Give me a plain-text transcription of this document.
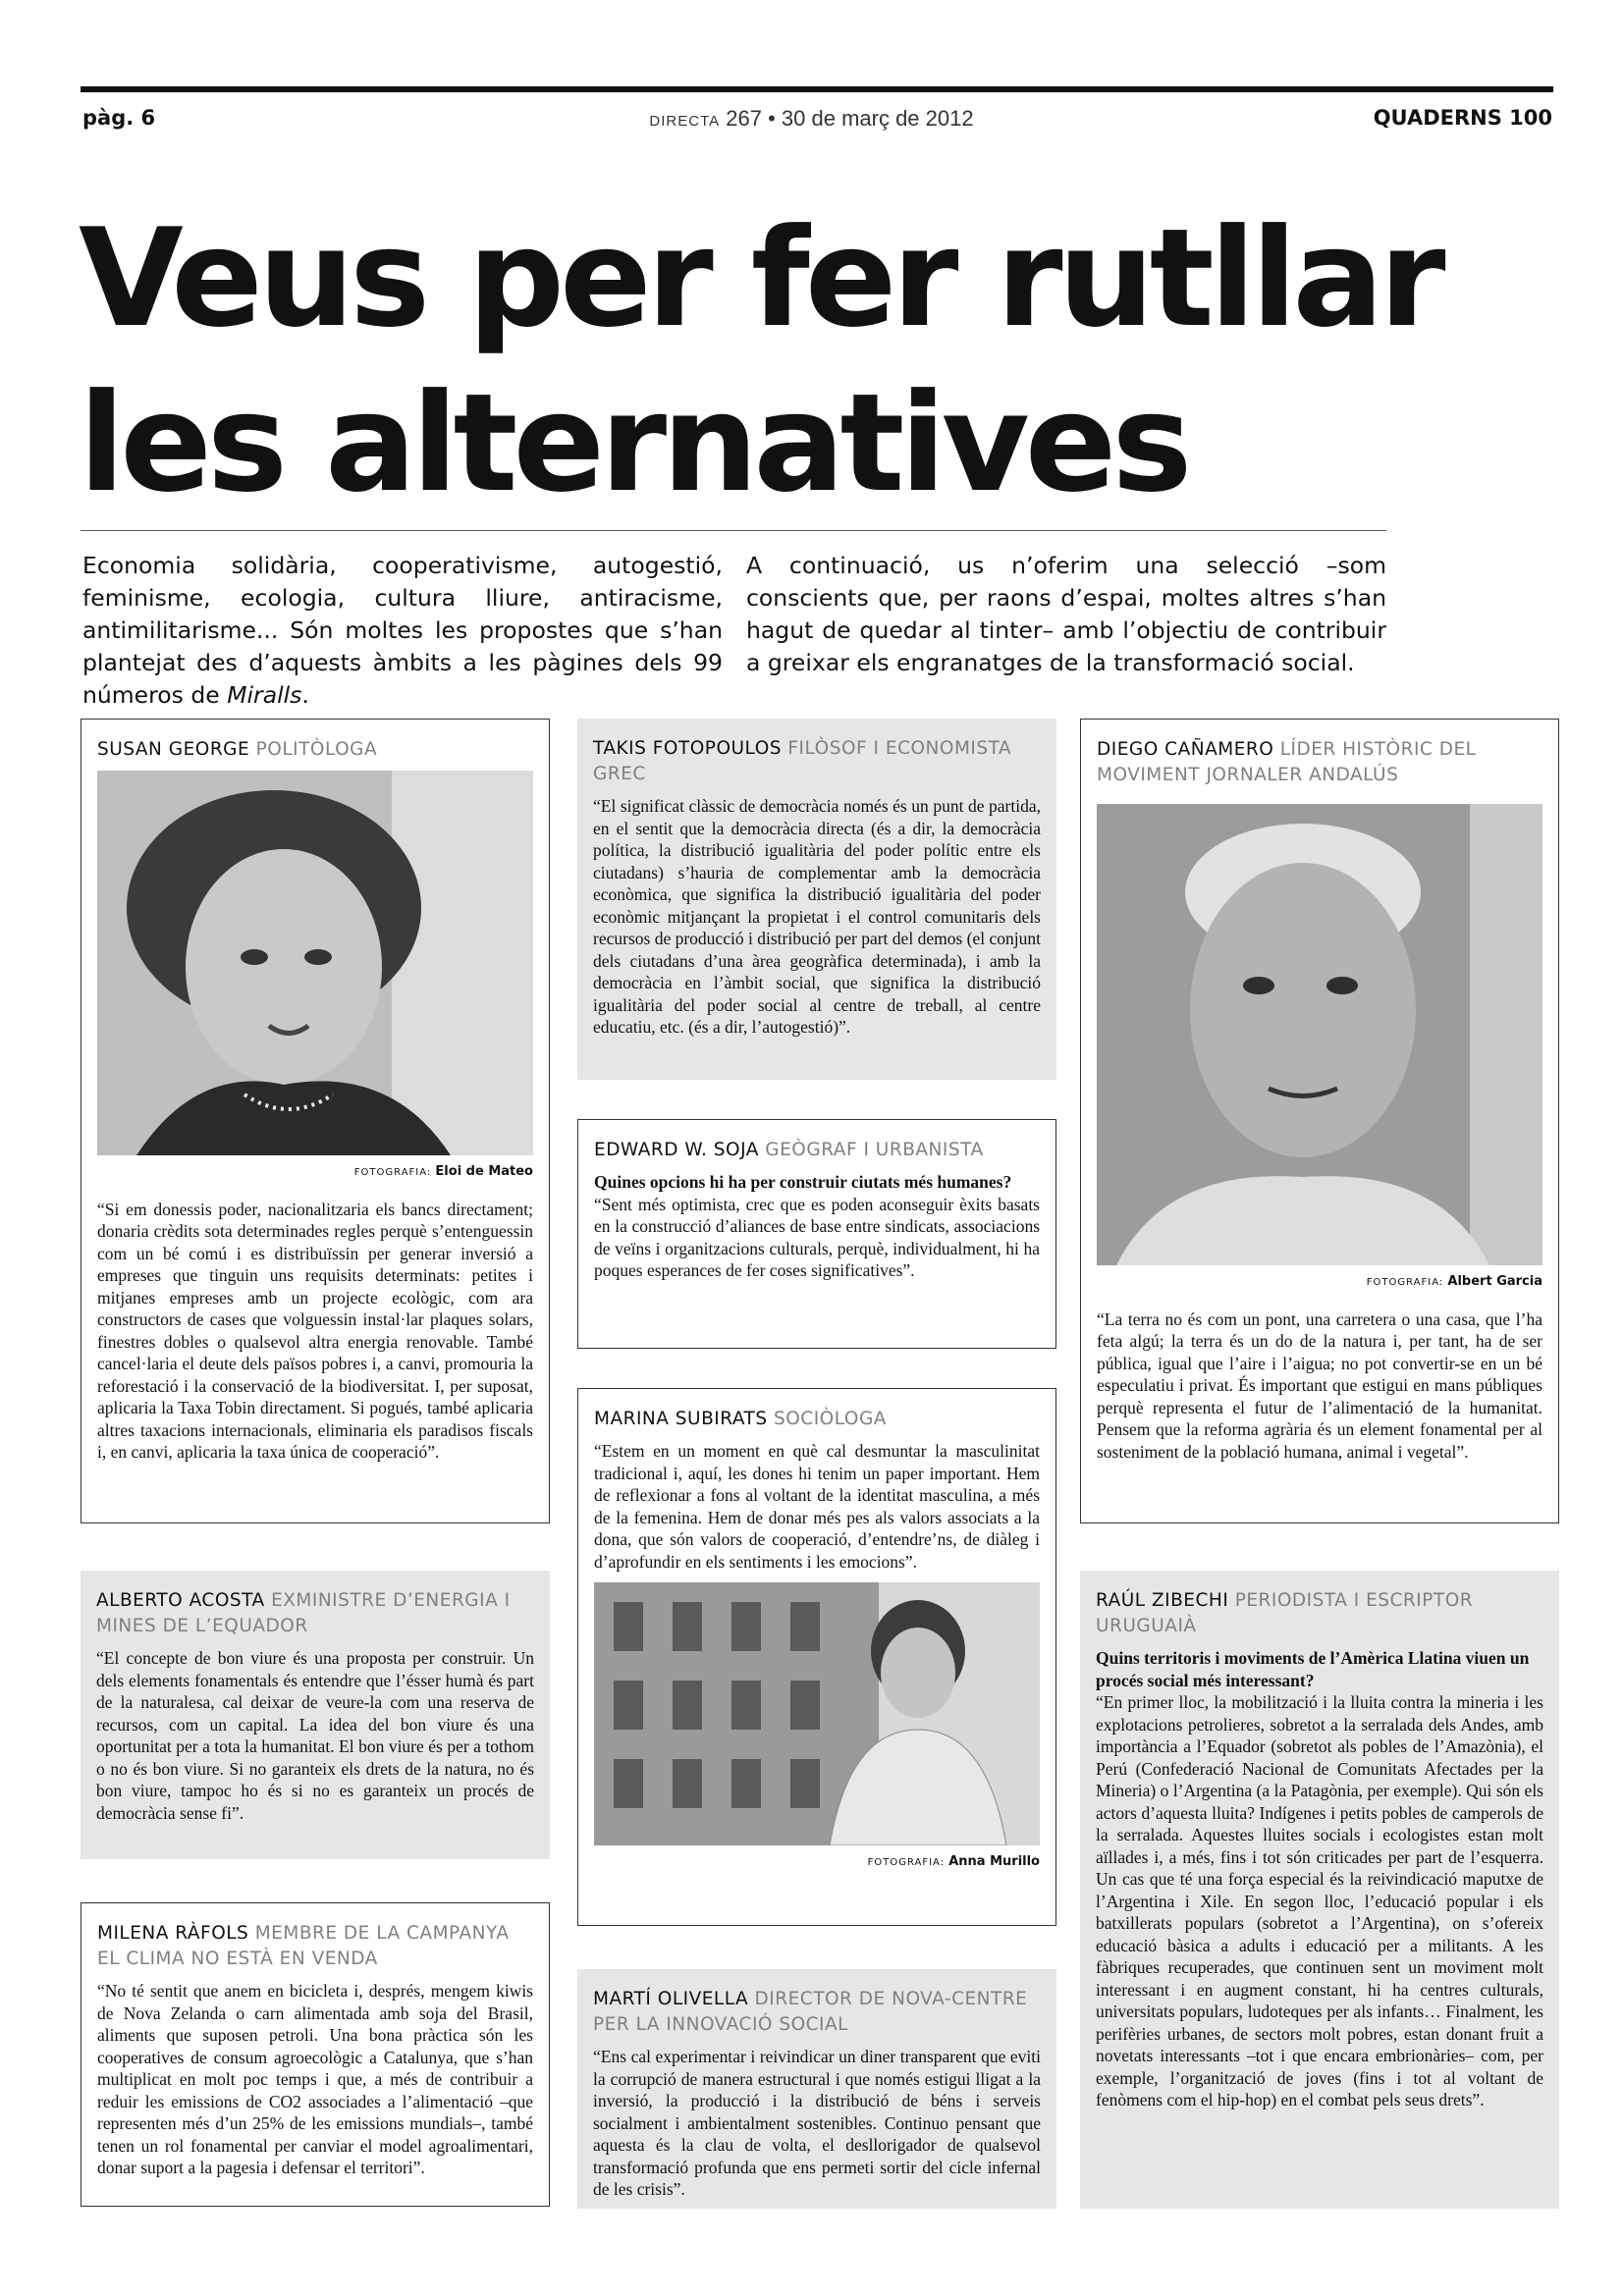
pàg. 6	DIRECTA 267 • 30 de març de 2012	QUADERNS 100
Veus per fer rutllar les alternatives
Economia solidària, cooperativisme, autogestió, feminisme, ecologia, cultura lliure, antiracisme, antimilitarisme... Són moltes les propostes que s’han plantejat des d’aquests àmbits a les pàgines dels 99 números de Miralls.
A continuació, us n’oferim una selecció –som conscients que, per raons d’espai, moltes altres s’han hagut de quedar al tinter– amb l’objectiu de contribuir a greixar els engranatges de la transformació social.
SUSAN GEORGE POLITÒLOGA
FOTOGRAFIA: Eloi de Mateo

“Si em donessis poder, nacionalitzaria els bancs directament; donaria crèdits sota determinades regles perquè s’entenguessin com un bé comú i es distribuïssin per generar inversió a empreses que tinguin uns requisits determinats: petites i mitjanes empreses amb un projecte ecològic, com ara constructors de cases que volguessin instal·lar plaques solars, finestres dobles o qualsevol altra energia renovable. També cancel·laria el deute dels països pobres i, a canvi, promouria la reforestació i la conservació de la biodiversitat. I, per suposat, aplicaria la Taxa Tobin directament. Si pogués, també aplicaria altres taxacions internacionals, eliminaria els paradisos fiscals i, en canvi, aplicaria la taxa única de cooperació”.

ALBERTO ACOSTA EXMINISTRE D’ENERGIA I MINES DE L’EQUADOR

“El concepte de bon viure és una proposta per construir. Un dels elements fonamentals és entendre que l’ésser humà és part de la naturalesa, cal deixar de veure-la com una reserva de recursos, com un capital. La idea del bon viure és una oportunitat per a tota la humanitat. El bon viure és per a tothom o no és bon viure. Si no garanteix els drets de la natura, no és bon viure, tampoc ho és si no es garanteix un procés de democràcia sense fi”.

MILENA RÀFOLS MEMBRE DE LA CAMPANYA EL CLIMA NO ESTÀ EN VENDA

“No té sentit que anem en bicicleta i, després, mengem kiwis de Nova Zelanda o carn alimentada amb soja del Brasil, aliments que suposen petroli. Una bona pràctica són les cooperatives de consum agroecològic a Catalunya, que s’han multiplicat en molt poc temps i que, a més de contribuir a reduir les emissions de CO2 associades a l’alimentació –que representen més d’un 25% de les emissions mundials–, també tenen un rol fonamental per canviar el model agroalimentari, donar suport a la pagesia i defensar el territori”.

TAKIS FOTOPOULOS FILÒSOF I ECONOMISTA GREC

“El significat clàssic de democràcia només és un punt de partida, en el sentit que la democràcia directa (és a dir, la democràcia política, la distribució igualitària del poder polític entre els ciutadans) s’hauria de complementar amb la democràcia econòmica, que significa la distribució igualitària del poder econòmic mitjançant la propietat i el control comunitaris dels recursos de producció i distribució per part del demos (el conjunt dels ciutadans d’una àrea geogràfica determinada), i amb la democràcia en l’àmbit social, que significa la distribució igualitària del poder social al centre de treball, al centre educatiu, etc. (és a dir, l’autogestió)”.

EDWARD W. SOJA GEÒGRAF I URBANISTA
Quines opcions hi ha per construir ciutats més humanes?

“Sent més optimista, crec que es poden aconseguir èxits basats en la construcció d’aliances de base entre sindicats, associacions de veïns i organitzacions culturals, perquè, individualment, hi ha poques esperances de fer coses significatives”.

MARINA SUBIRATS SOCIÒLOGA

“Estem en un moment en què cal desmuntar la masculinitat tradicional i, aquí, les dones hi tenim un paper important. Hem de reflexionar a fons al voltant de la identitat masculina, a més de la femenina. Hem de donar més pes als valors associats a la dona, que són valors de cooperació, d’entendre’ns, de diàleg i d’aprofundir en els sentiments i les emocions”.

FOTOGRAFIA: Anna Murillo
MARTÍ OLIVELLA DIRECTOR DE NOVA-CENTRE PER LA INNOVACIÓ SOCIAL

“Ens cal experimentar i reivindicar un diner transparent que eviti la corrupció de manera estructural i que només estigui lligat a la inversió, la producció i la distribució de béns i serveis socialment i ambientalment sostenibles. Continuo pensant que aquesta és la clau de volta, el desllorigador de qualsevol transformació profunda que ens permeti sortir del cicle infernal de les crisis”.

DIEGO CAÑAMERO LÍDER HISTÒRIC DEL MOVIMENT JORNALER ANDALÚS
FOTOGRAFIA: Albert Garcia

“La terra no és com un pont, una carretera o una casa, que l’ha feta algú; la terra és un do de la natura i, per tant, ha de ser pública, igual que l’aire i l’aigua; no pot convertir-se en un bé especulatiu i privat. És important que estigui en mans públiques perquè representa el futur de l’alimentació de la humanitat. Pensem que la reforma agrària és un element fonamental per al sosteniment de la població humana, animal i vegetal”.

RAÚL ZIBECHI PERIODISTA I ESCRIPTOR URUGUAIÀ
Quins territoris i moviments de l’Amèrica Llatina viuen un procés social més interessant?

“En primer lloc, la mobilització i la lluita contra la mineria i les explotacions petrolieres, sobretot a la serralada dels Andes, amb importància a l’Equador (sobretot als pobles de l’Amazònia), el Perú (Confederació Nacional de Comunitats Afectades per la Mineria) o l’Argentina (a la Patagònia, per exemple). Qui són els actors d’aquesta lluita? Indígenes i petits pobles de camperols de la serralada. Aquestes lluites socials i ecologistes estan molt aïllades i, a més, fins i tot són criticades per part de l’esquerra. Un cas que té una força especial és la reivindicació maputxe de l’Argentina i Xile. En segon lloc, l’educació popular i els batxillerats populars (sobretot a l’Argentina), on s’ofereix educació bàsica a adults i educació per a militants. A les fàbriques recuperades, que continuen sent un moviment molt interessant i en augment constant, hi ha centres culturals, universitats populars, ludoteques per als infants… Finalment, les perifèries urbanes, de sectors molt pobres, estan donant fruit a novetats interessants –tot i que encara embrionàries– com, per exemple, l’organització de joves (fins i tot al voltant de fenòmens com el hip-hop) en el combat pels seus drets”.
